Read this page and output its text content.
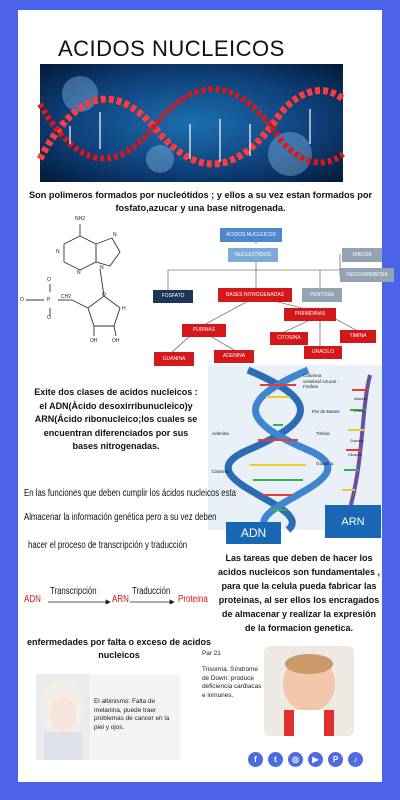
ACIDOS NUCLEICOS
Son polimeros formados por nucleótidos ; y ellos a su vez estan formados por fosfato,azucar y una base nitrogenada.
NH2
N
N
N
N
O
O
O
O
P CH2
OH	OH
H
ÁCIDOS NUCLEICOS
NUCLEÓTIDOS	RIBOSA
DESOXIRRIBOSA
FOSFATO	BASES NITROGENADAS	PENTOSA
PIRIMIDINAS
PURINAS
CITOSINA	TIMINA
URACILO
GUANINA	ADENINA
Exite dos clases de acidos nucleicos : el ADN(Àcido desoxirribunucleico)y ARN(Ácido ribonucleico;los cuales se encuentran diferenciados por sus bases nitrogenadas.
Columna vertebral Azucar - Fosfato
Par de Bases
Adenina	Timina
Citosina
Guanina
Adenina
Uracilo
Guanina
Citosina
ADN
ARN
En las funciones que deben cumplir los ácidos nucleicos esta
Almacenar la información genética pero a su vez deben
hacer el proceso de transcripción y traducción
ADN
Transcripción
ARN
Traducción
Proteina
Las tareas que deben de hacer los acidos nucleicos son fundamentales , para que la celula pueda fabricar las proteinas, al ser ellos los encragados de almacenar y realizar la expresión de la formacion genetica.
enfermedades por falta o exceso de acidos nucleicos
El albinismo: Falta de melanina, puede traer problemas de cancer en la piel y ojos.
Par 21
Trisomía. Síndrome de Down: produce deficiencia cardiacas e inmunes.
f	t	◎	▶	P	♪
